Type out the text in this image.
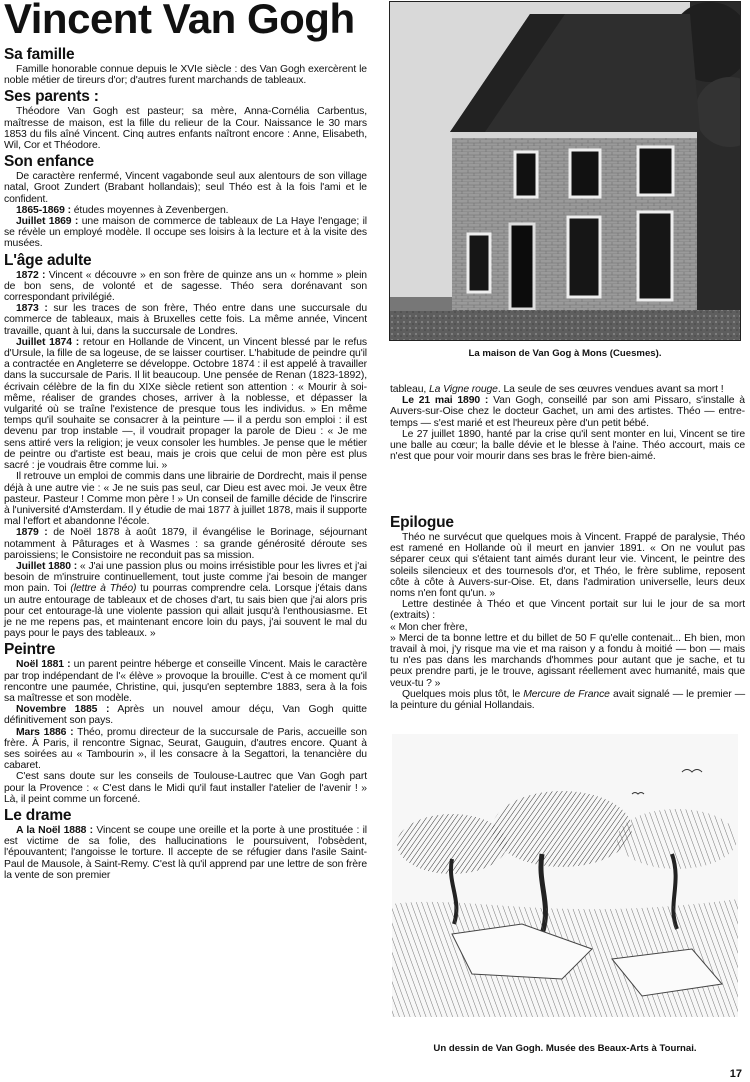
Vincent Van Gogh
Sa famille

Famille honorable connue depuis le XVIe siècle : des Van Gogh exercèrent le noble métier de tireurs d'or; d'autres furent marchands de tableaux.

Ses parents :

Théodore Van Gogh est pasteur; sa mère, Anna-Cornélia Carbentus, maîtresse de maison, est la fille du relieur de la Cour. Naissance le 30 mars 1853 du fils aîné Vincent. Cinq autres enfants naîtront encore : Anne, Elisabeth, Wil, Cor et Théodore.

Son enfance

De caractère renfermé, Vincent vagabonde seul aux alentours de son village natal, Groot Zundert (Brabant hollandais); seul Théo est à la fois l'ami et le confident.

1865-1869 : études moyennes à Zevenbergen.

Juillet 1869 : une maison de commerce de tableaux de La Haye l'engage; il se révèle un employé modèle. Il occupe ses loisirs à la lecture et à la visite des musées.

L'âge adulte

1872 : Vincent « découvre » en son frère de quinze ans un « homme » plein de bon sens, de volonté et de sagesse. Théo sera dorénavant son correspondant privilégié.

1873 : sur les traces de son frère, Théo entre dans une succursale du commerce de tableaux, mais à Bruxelles cette fois. La même année, Vincent travaille, quant à lui, dans la succursale de Londres.

Juillet 1874 : retour en Hollande de Vincent, un Vincent blessé par le refus d'Ursule, la fille de sa logeuse, de se laisser courtiser. L'habitude de peindre qu'il a contractée en Angleterre se développe. Octobre 1874 : il est appelé à travailler dans la succursale de Paris. Il lit beaucoup. Une pensée de Renan (1823-1892), écrivain célèbre de la fin du XIXe siècle retient son attention : « Mourir à soi-même, réaliser de grandes choses, arriver à la noblesse, et dépasser la vulgarité où se traîne l'existence de presque tous les individus. » En même temps qu'il souhaite se consacrer à la peinture — il a perdu son emploi : il est devenu par trop instable —, il voudrait propager la parole de Dieu : « Je me sens attiré vers la religion; je veux consoler les humbles. Je pense que le métier de peintre ou d'artiste est beau, mais je crois que celui de mon père est plus sacré : je voudrais être comme lui. »

Il retrouve un emploi de commis dans une librairie de Dordrecht, mais il pense déjà à une autre vie : « Je ne suis pas seul, car Dieu est avec moi. Je veux être pasteur. Pasteur ! Comme mon père ! » Un conseil de famille décide de l'inscrire à l'université d'Amsterdam. Il y étudie de mai 1877 à juillet 1878, mais il supporte mal l'effort et abandonne l'école.

1879 : de Noël 1878 à août 1879, il évangélise le Borinage, séjournant notamment à Pâturages et à Wasmes : sa grande générosité déroute ses paroissiens; le Consistoire ne reconduit pas sa mission.

Juillet 1880 : « J'ai une passion plus ou moins irrésistible pour les livres et j'ai besoin de m'instruire continuellement, tout juste comme j'ai besoin de manger mon pain. Toi (lettre à Théo) tu pourras comprendre cela. Lorsque j'étais dans un autre entourage de tableaux et de choses d'art, tu sais bien que j'ai alors pris pour cet entourage-là une violente passion qui allait jusqu'à l'enthousiasme. Et je ne me repens pas, et maintenant encore loin du pays, j'ai souvent le mal du pays pour le pays des tableaux. »

Peintre

Noël 1881 : un parent peintre héberge et conseille Vincent. Mais le caractère par trop indépendant de l'« élève » provoque la brouille. C'est à ce moment qu'il rencontre une paumée, Christine, qui, jusqu'en septembre 1883, sera à la fois sa maîtresse et son modèle.

Novembre 1885 : Après un nouvel amour déçu, Van Gogh quitte définitivement son pays.

Mars 1886 : Théo, promu directeur de la succursale de Paris, accueille son frère. À Paris, il rencontre Signac, Seurat, Gauguin, d'autres encore. Quant à ses soirées au « Tambourin », il les consacre à la Segattori, la tenancière du cabaret.

C'est sans doute sur les conseils de Toulouse-Lautrec que Van Gogh part pour la Provence : « C'est dans le Midi qu'il faut installer l'atelier de l'avenir ! » Là, il peint comme un forcené.

Le drame

A la Noël 1888 : Vincent se coupe une oreille et la porte à une prostituée : il est victime de sa folie, des hallucinations le poursuivent, l'obsèdent, l'épouvantent; l'angoisse le torture. Il accepte de se réfugier dans l'asile Saint-Paul de Mausole, à Saint-Remy. C'est là qu'il apprend par une lettre de son frère la vente de son premier

La maison de Van Gog à Mons (Cuesmes).

tableau, La Vigne rouge. La seule de ses œuvres vendues avant sa mort !

Le 21 mai 1890 : Van Gogh, conseillé par son ami Pissaro, s'installe à Auvers-sur-Oise chez le docteur Gachet, un ami des artistes. Théo — entre-temps — s'est marié et est l'heureux père d'un petit bébé.

Le 27 juillet 1890, hanté par la crise qu'il sent monter en lui, Vincent se tire une balle au cœur; la balle dévie et le blesse à l'aine. Théo accourt, mais ce n'est que pour voir mourir dans ses bras le frère bien-aimé.

Epilogue

Théo ne survécut que quelques mois à Vincent. Frappé de paralysie, Théo est ramené en Hollande où il meurt en janvier 1891. « On ne voulut pas séparer ceux qui s'étaient tant aimés durant leur vie. Vincent, le peintre des soleils silencieux et des tournesols d'or, et Théo, le frère sublime, reposent côte à côte à Auvers-sur-Oise. Et, dans l'admiration universelle, leurs deux noms n'en font qu'un. »

Lettre destinée à Théo et que Vincent portait sur lui le jour de sa mort (extraits) :

« Mon cher frère,

» Merci de ta bonne lettre et du billet de 50 F qu'elle contenait... Eh bien, mon travail à moi, j'y risque ma vie et ma raison y a fondu à moitié — bon — mais tu n'es pas dans les marchands d'hommes pour autant que je sache, et tu peux prendre parti, je le trouve, agissant réellement avec humanité, mais que veux-tu ? »

Quelques mois plus tôt, le Mercure de France avait signalé — le premier — la peinture du génial Hollandais.

Un dessin de Van Gogh. Musée des Beaux-Arts à Tournai.
17
